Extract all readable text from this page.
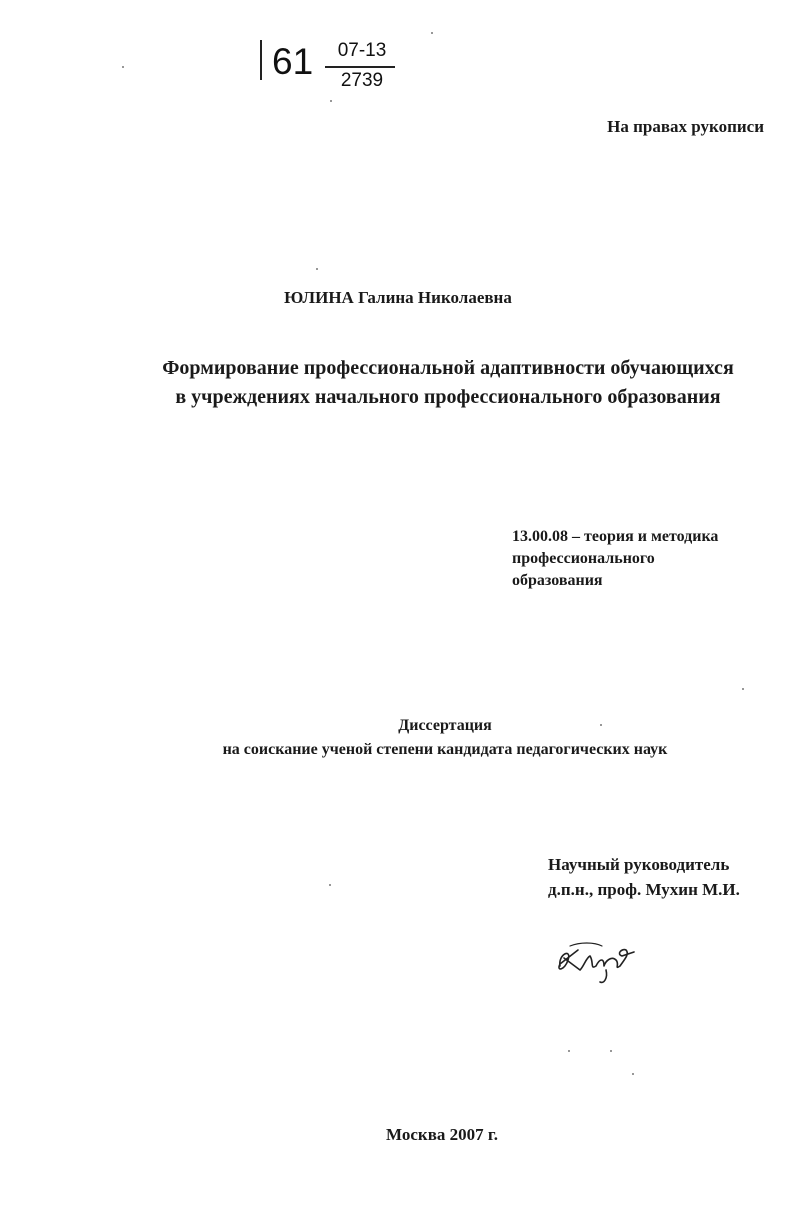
61	07-13
2739

На правах рукописи

ЮЛИНА Галина Николаевна

Формирование профессиональной адаптивности обучающихся
в учреждениях начального профессионального образования
13.00.08 – теория и методика
профессионального
образования
Диссертация
на соискание ученой степени кандидата педагогических наук
Научный руководитель
д.п.н., проф. Мухин М.И.

Москва 2007 г.
